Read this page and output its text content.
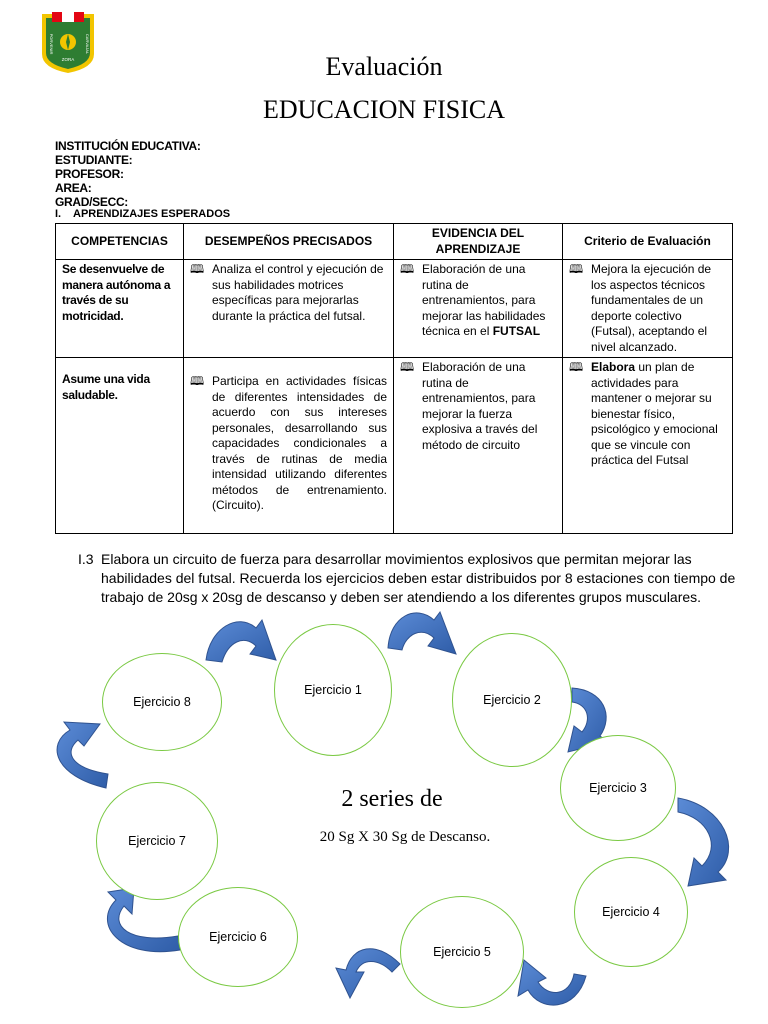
PORVENIR	CARVAJAL
ZORA	Evaluación
EDUCACION FISICA
INSTITUCIÓN EDUCATIVA:
ESTUDIANTE:
PROFESOR:
AREA:
GRAD/SECC:
I. APRENDIZAJES ESPERADOS
COMPETENCIAS	DESEMPEÑOS PRECISADOS	EVIDENCIA DEL APRENDIZAJE	Criterio de Evaluación
Se desenvuelve de manera autónoma a través de su motricidad.	🕮 Analiza el control y ejecución de sus habilidades motrices específicas para mejorarlas durante la práctica del futsal.	🕮 Elaboración de una rutina de entrenamientos, para mejorar las habilidades técnica en el FUTSAL	🕮 Mejora la ejecución de los aspectos técnicos fundamentales de un deporte colectivo (Futsal), aceptando el nivel alcanzado.

Asume una vida saludable.	🕮 Participa en actividades físicas de diferentes intensidades de acuerdo con sus intereses personales, desarrollando sus capacidades condicionales a través de rutinas de media intensidad utilizando diferentes métodos de entrenamiento. (Circuito).	🕮 Elaboración de una rutina de entrenamientos, para mejorar la fuerza explosiva a través del método de circuito	🕮 Elabora un plan de actividades para mantener o mejorar su bienestar físico, psicológico y emocional que se vincule con práctica del Futsal
I.3 Elabora un circuito de fuerza para desarrollar movimientos explosivos que permitan mejorar las habilidades del futsal. Recuerda los ejercicios deben estar distribuidos por 8 estaciones con tiempo de trabajo de 20sg x 20sg de descanso y deben ser atendiendo a los diferentes grupos musculares.
Ejercicio 8
Ejercicio 1
Ejercicio 2
Ejercicio 3
Ejercicio 4
Ejercicio 5
Ejercicio 6
Ejercicio 7
2 series de
20 Sg X 30 Sg de Descanso.
